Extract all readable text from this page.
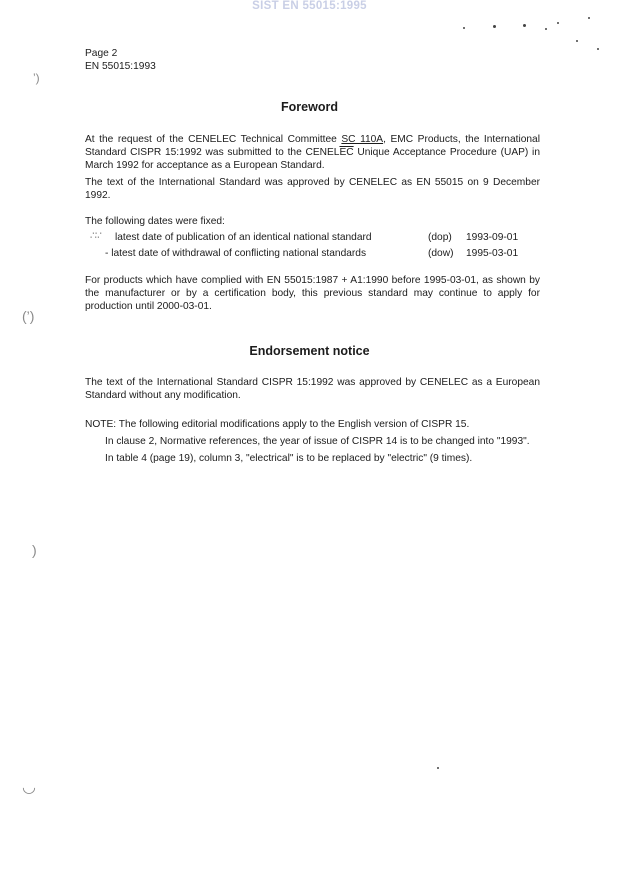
SIST EN 55015:1995
’)
(’)
)
◡
∴∵
Page 2
EN 55015:1993
Foreword
At the request of the CENELEC Technical Committee SC 110A, EMC Products, the International Standard CISPR 15:1992 was submitted to the $CENEL\overline{EC}$ Unique Acceptance Procedure (UAP) in March 1992 for acceptance as a European Standard.
The text of the International Standard was approved by CENELEC as EN 55015 on 9 December 1992.
The following dates were fixed:
latest date of publication of an identical national standard	(dop) 1993-09-01
- latest date of withdrawal of conflicting national standards	(dow) 1995-03-01
For products which have complied with EN 55015:1987 + A1:1990 before 1995-03-01, as shown by the manufacturer or by a certification body, this previous standard may continue to apply for production until 2000-03-01.
Endorsement notice
The text of the International Standard CISPR 15:1992 was approved by CENELEC as a European Standard without any modification.
NOTE: The following editorial modifications apply to the English version of CISPR 15.
In clause 2, Normative references, the year of issue of CISPR 14 is to be changed into "1993".
In table 4 (page 19), column 3, "electrical" is to be replaced by "electric" (9 times).
